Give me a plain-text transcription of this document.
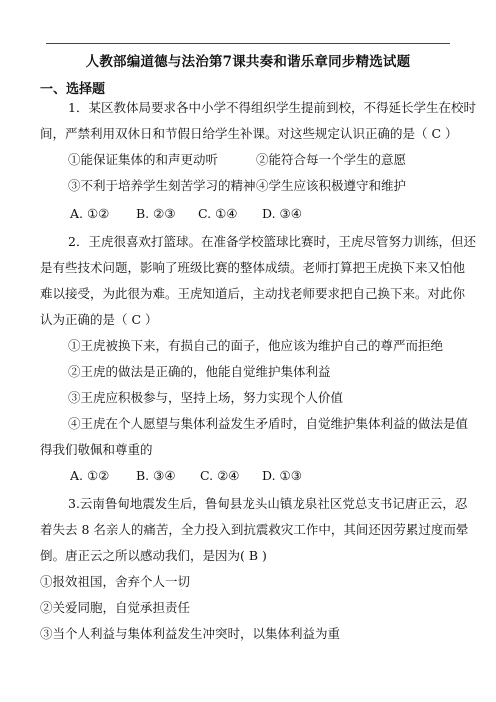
人教部编道德与法治第7课共奏和谐乐章同步精选试题
一、选择题
1．某区教体局要求各中小学不得组织学生提前到校，不得延长学生在校时
间，严禁利用双休日和节假日给学生补课。对这些规定认识正确的是（ C ）
①能保证集体的和声更动听	②能符合每一个学生的意愿
③不利于培养学生刻苦学习的精神 ④学生应该积极遵守和维护
A. ①② B. ②③ C. ①④ D. ③④
2．王虎很喜欢打篮球。在准备学校篮球比赛时，王虎尽管努力训练，但还
是有些技术问题，影响了班级比赛的整体成绩。老师打算把王虎换下来又怕他
难以接受，为此很为难。王虎知道后，主动找老师要求把自己换下来。对此你
认为正确的是（ C ）
①王虎被换下来，有损自己的面子，他应该为维护自己的尊严而拒绝
②王虎的做法是正确的，他能自觉维护集体利益
③王虎应积极参与，坚持上场，努力实现个人价值
④王虎在个人愿望与集体利益发生矛盾时，自觉维护集体利益的做法是值
得我们敬佩和尊重的
A. ①② B. ③④ C. ②④ D. ①③
3.云南鲁甸地震发生后，鲁甸县龙头山镇龙泉社区党总支书记唐正云，忍
着失去 8 名亲人的痛苦，全力投入到抗震救灾工作中，其间还因劳累过度而晕
倒。唐正云之所以感动我们，是因为( B )
①报效祖国，舍弃个人一切
②关爱同胞，自觉承担责任
③当个人利益与集体利益发生冲突时，以集体利益为重
